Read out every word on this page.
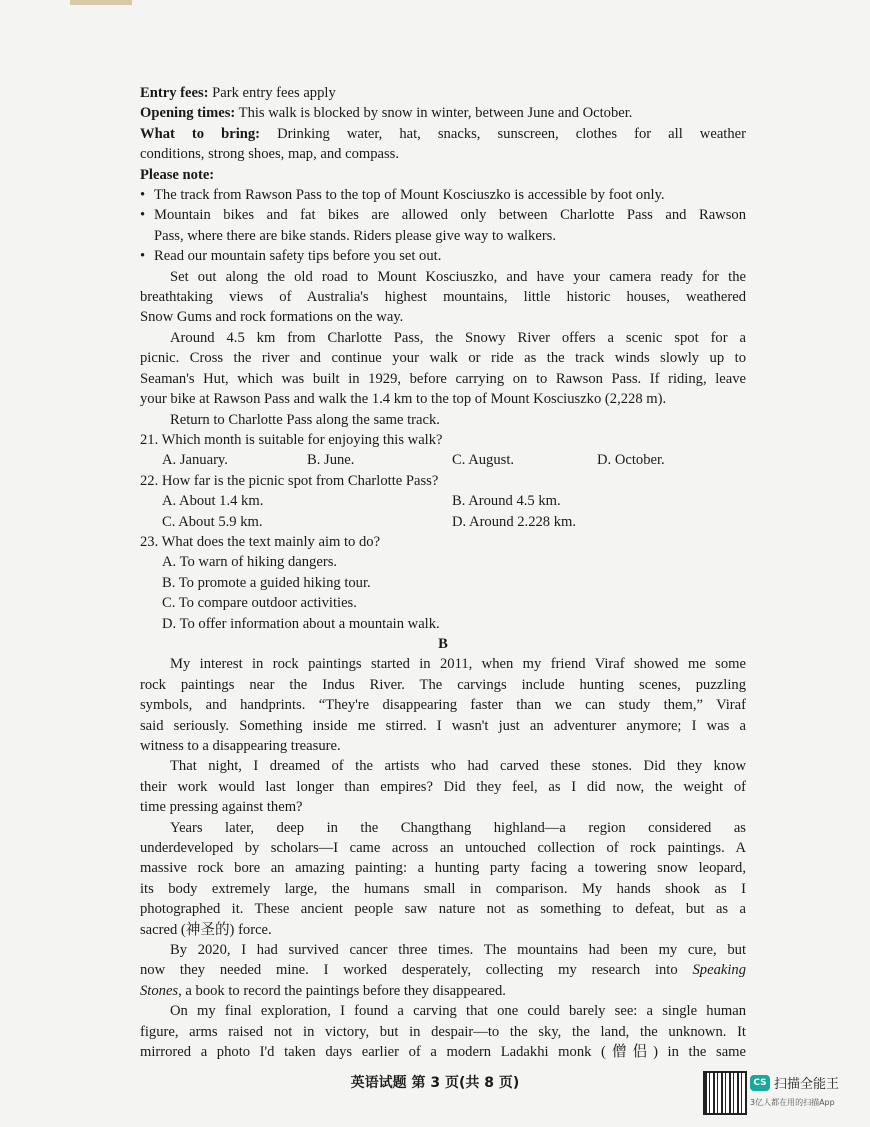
Entry fees: Park entry fees apply
Opening times: This walk is blocked by snow in winter, between June and October.
What to bring: Drinking water, hat, snacks, sunscreen, clothes for all weather
conditions, strong shoes, map, and compass.
Please note:
• The track from Rawson Pass to the top of Mount Kosciuszko is accessible by foot only.
• Mountain bikes and fat bikes are allowed only between Charlotte Pass and Rawson
Pass, where there are bike stands. Riders please give way to walkers.
• Read our mountain safety tips before you set out.
Set out along the old road to Mount Kosciuszko, and have your camera ready for the
breathtaking views of Australia's highest mountains, little historic houses, weathered
Snow Gums and rock formations on the way.
Around 4.5 km from Charlotte Pass, the Snowy River offers a scenic spot for a
picnic. Cross the river and continue your walk or ride as the track winds slowly up to
Seaman's Hut, which was built in 1929, before carrying on to Rawson Pass. If riding, leave
your bike at Rawson Pass and walk the 1.4 km to the top of Mount Kosciuszko (2,228 m).
Return to Charlotte Pass along the same track.
21. Which month is suitable for enjoying this walk?
A. January.	B. June.	C. August.	D. October.
22. How far is the picnic spot from Charlotte Pass?
A. About 1.4 km.	B. Around 4.5 km.
C. About 5.9 km.	D. Around 2.228 km.
23. What does the text mainly aim to do?
A. To warn of hiking dangers.
B. To promote a guided hiking tour.
C. To compare outdoor activities.
D. To offer information about a mountain walk.
B
My interest in rock paintings started in 2011, when my friend Viraf showed me some
rock paintings near the Indus River. The carvings include hunting scenes, puzzling
symbols, and handprints. “They're disappearing faster than we can study them,” Viraf
said seriously. Something inside me stirred. I wasn't just an adventurer anymore; I was a
witness to a disappearing treasure.
That night, I dreamed of the artists who had carved these stones. Did they know
their work would last longer than empires? Did they feel, as I did now, the weight of
time pressing against them?
Years later, deep in the Changthang highland—a region considered as
underdeveloped by scholars—I came across an untouched collection of rock paintings. A
massive rock bore an amazing painting: a hunting party facing a towering snow leopard,
its body extremely large, the humans small in comparison. My hands shook as I
photographed it. These ancient people saw nature not as something to defeat, but as a
sacred (神圣的) force.
By 2020, I had survived cancer three times. The mountains had been my cure, but
now they needed mine. I worked desperately, collecting my research into Speaking
Stones, a book to record the paintings before they disappeared.
On my final exploration, I found a carving that one could barely see: a single human
figure, arms raised not in victory, but in despair—to the sky, the land, the unknown. It
mirrored a photo I'd taken days earlier of a modern Ladakhi monk (僧侣) in the same
英语试题 第 3 页(共 8 页)	CS 扫描全能王
3亿人都在用的扫描App
